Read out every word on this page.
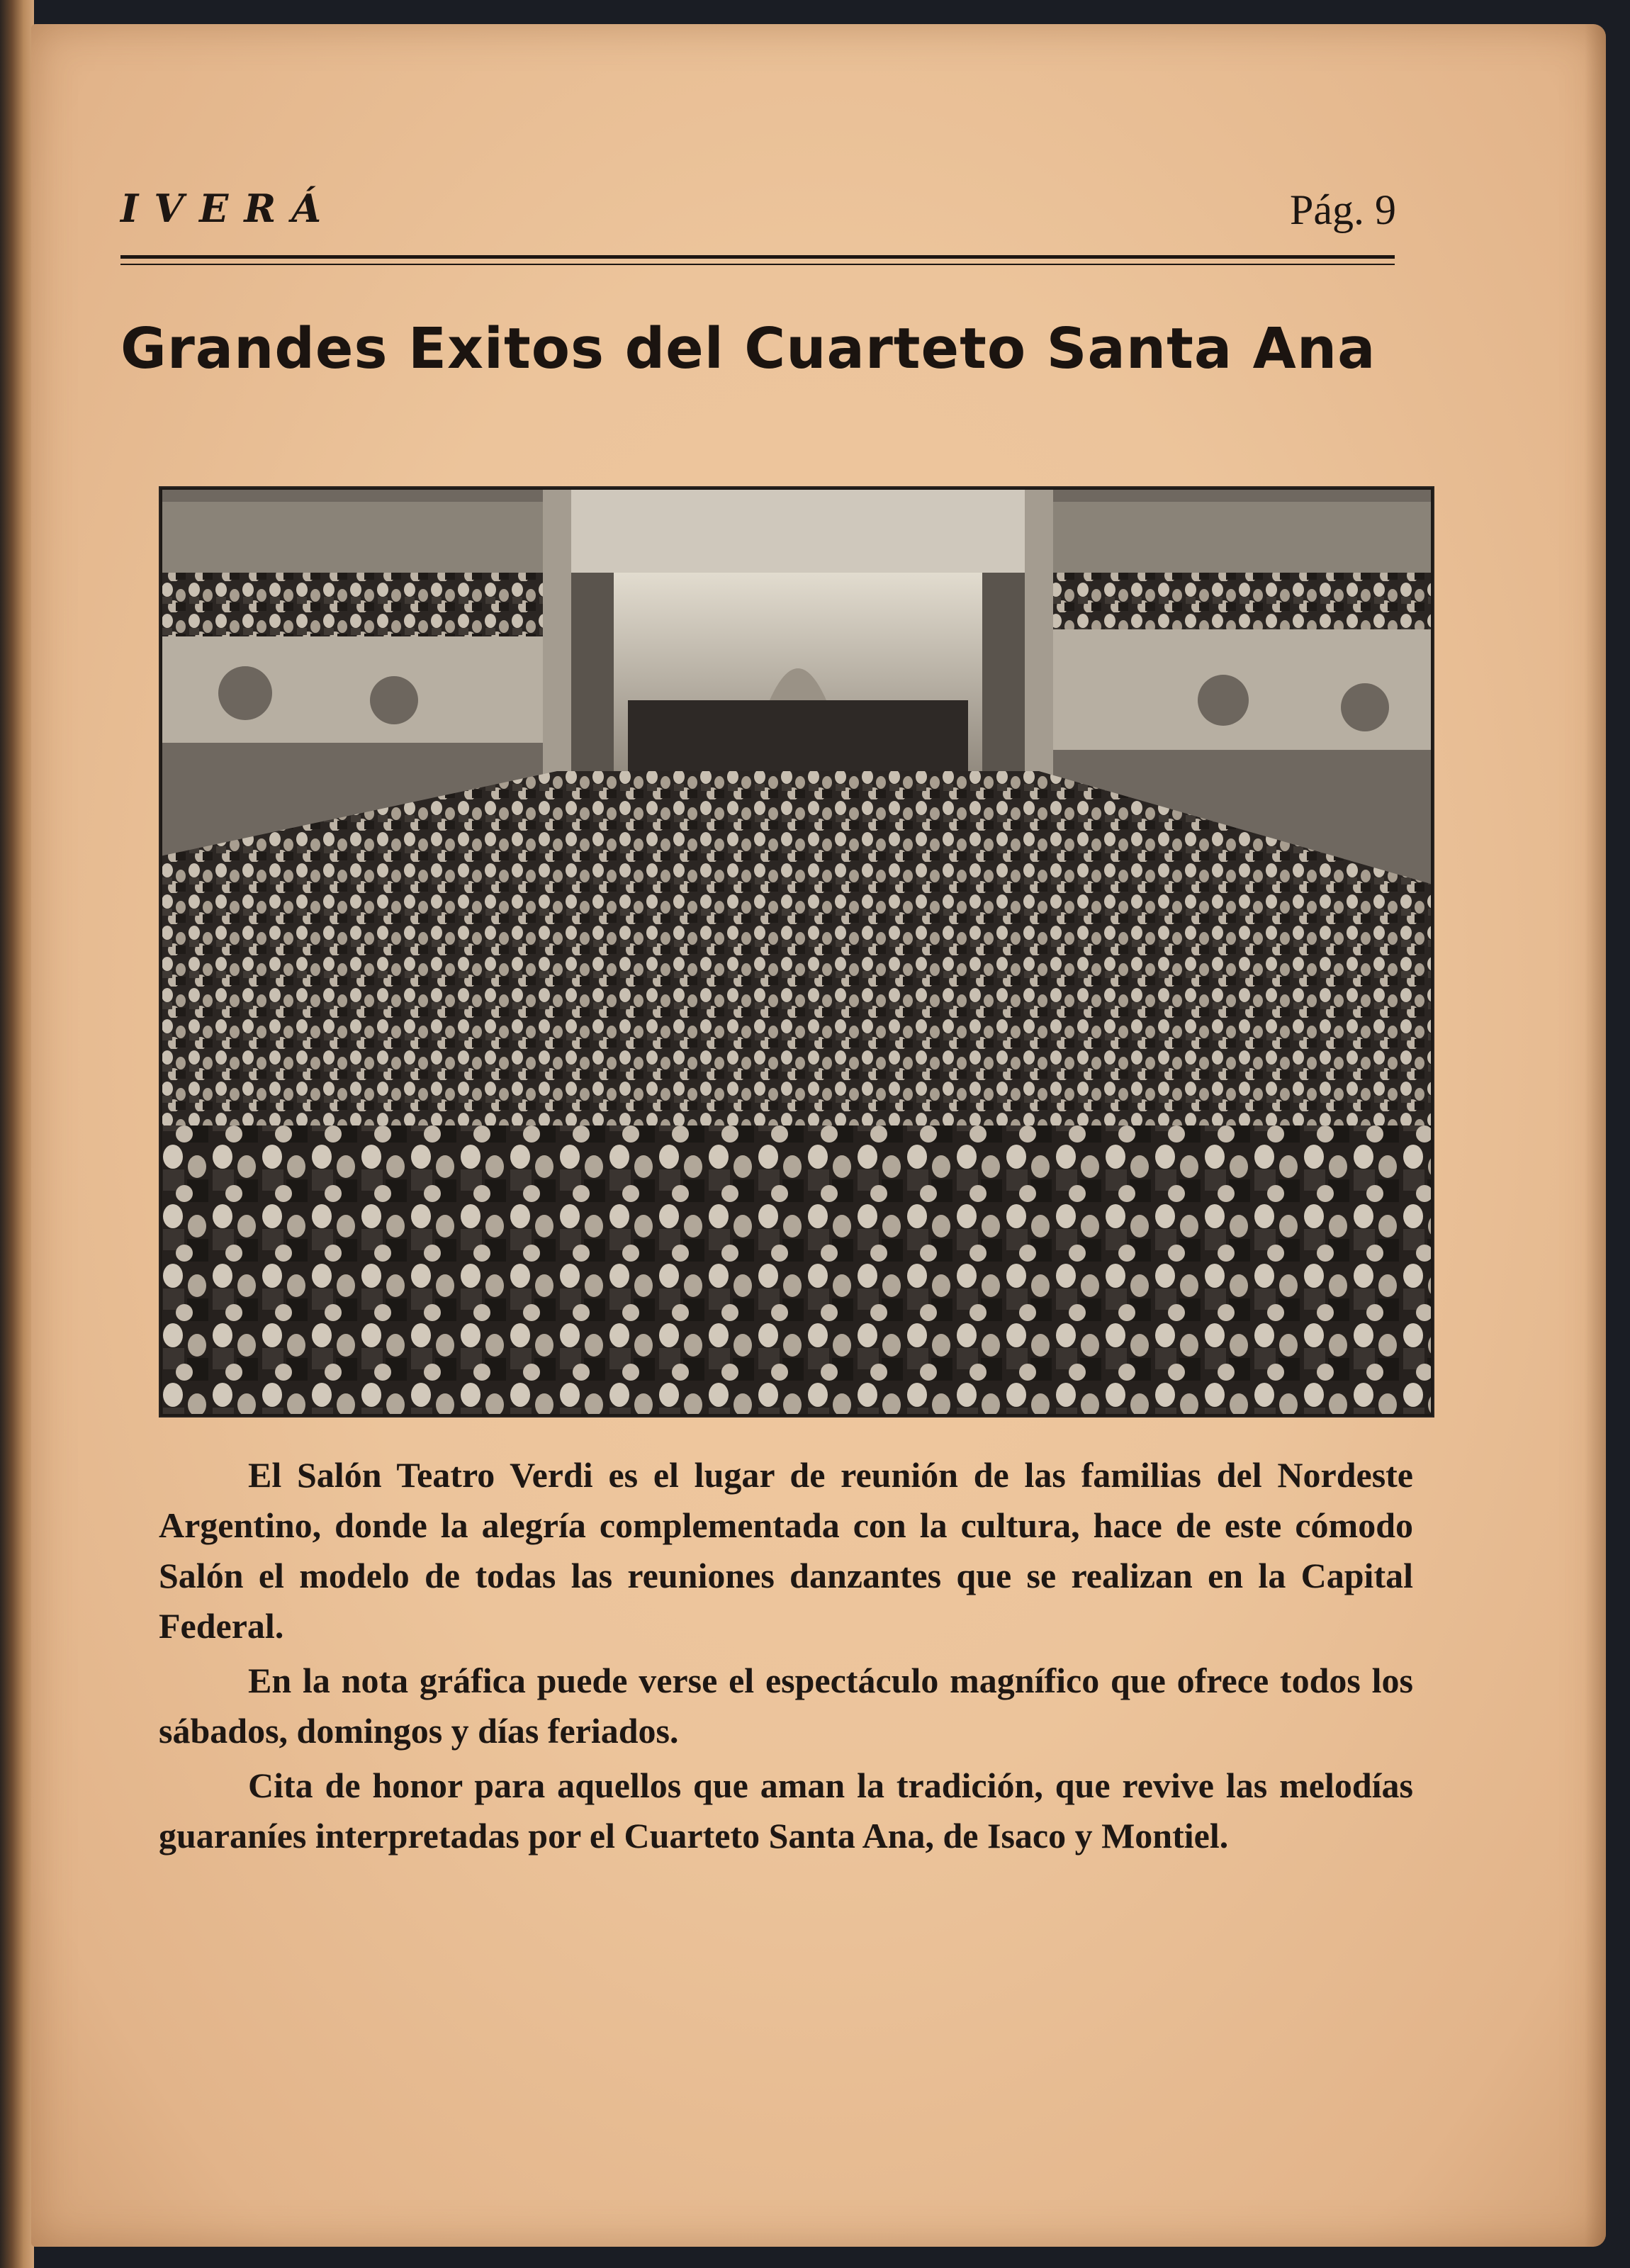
IVERÁ	Pág. 9
Grandes Exitos del Cuarteto Santa Ana

El Salón Teatro Verdi es el lugar de reunión de las familias del Nordeste Argentino, donde la alegría complementada con la cultura, hace de este cómodo Salón el modelo de todas las reuniones danzantes que se realizan en la Capital Federal.

En la nota gráfica puede verse el espectáculo magnífico que ofrece todos los sábados, domingos y días feriados.

Cita de honor para aquellos que aman la tradición, que revive las melodías guaraníes interpretadas por el Cuarteto Santa Ana, de Isaco y Montiel.
